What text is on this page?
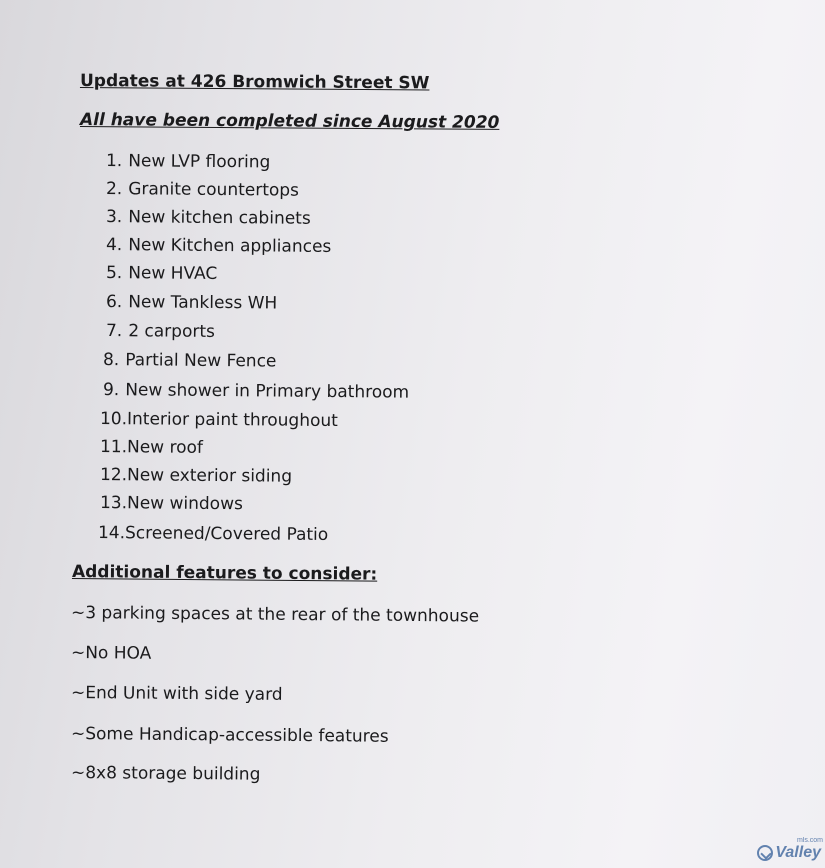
Updates at 426 Bromwich Street SW
All have been completed since August 2020
1. New LVP flooring
2. Granite countertops
3. New kitchen cabinets
4. New Kitchen appliances
5. New HVAC
6. New Tankless WH
7. 2 carports
8. Partial New Fence
9. New shower in Primary bathroom
10.Interior paint throughout
11.New roof
12.New exterior siding
13.New windows
14.Screened/Covered Patio
Additional features to consider:
~3 parking spaces at the rear of the townhouse
~No HOA
~End Unit with side yard
~Some Handicap-accessible features
~8x8 storage building
Valley
mls.com
